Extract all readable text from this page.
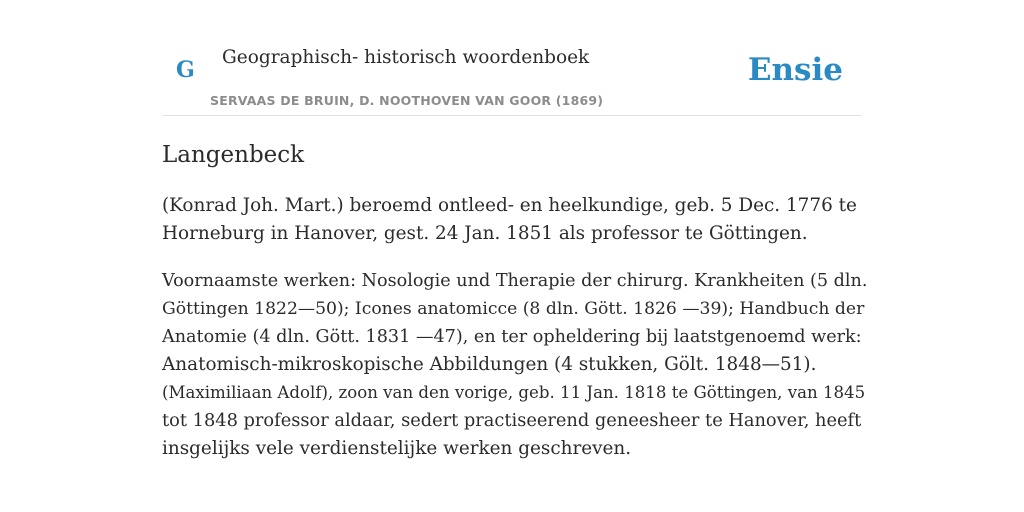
G Geographisch- historisch woordenboek
SERVAAS DE BRUIN, D. NOOTHOVEN VAN GOOR (1869)
Ensie
Langenbeck

(Konrad Joh. Mart.) beroemd ontleed- en heelkundige, geb. 5 Dec. 1776 te
Horneburg in Hanover, gest. 24 Jan. 1851 als professor te Göttingen.

Voornaamste werken: Nosologie und Therapie der chirurg. Krankheiten (5 dln.
Göttingen 1822—50); Icones anatomicce (8 dln. Gött. 1826 —39); Handbuch der
Anatomie (4 dln. Gött. 1831 —47), en ter opheldering bij laatstgenoemd werk:
Anatomisch-mikroskopische Abbildungen (4 stukken, Gölt. 1848—51).
(Maximiliaan Adolf), zoon van den vorige, geb. 11 Jan. 1818 te Göttingen, van 1845
tot 1848 professor aldaar, sedert practiseerend geneesheer te Hanover, heeft
insgelijks vele verdienstelijke werken geschreven.
